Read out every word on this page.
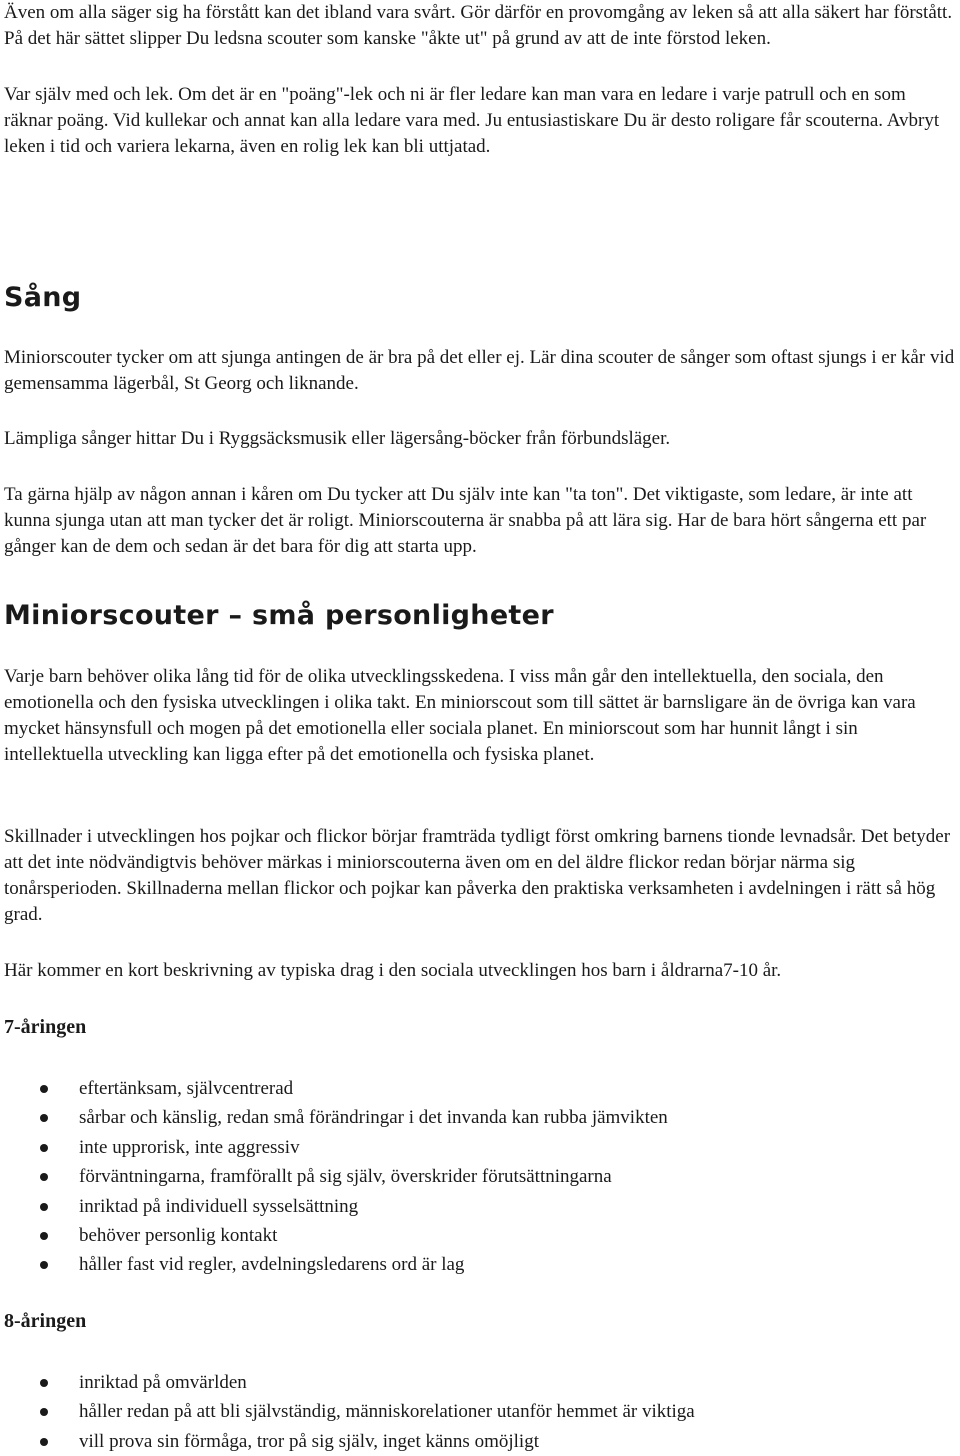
Även om alla säger sig ha förstått kan det ibland vara svårt. Gör därför en provomgång av leken så att alla säkert har förstått. På det här sättet slipper Du ledsna scouter som kanske "åkte ut" på grund av att de inte förstod leken.

Var själv med och lek. Om det är en "poäng"-lek och ni är fler ledare kan man vara en ledare i varje patrull och en som räknar poäng. Vid kullekar och annat kan alla ledare vara med. Ju entusiastiskare Du är desto roligare får scouterna. Avbryt leken i tid och variera lekarna, även en rolig lek kan bli uttjatad.

Sång

Miniorscouter tycker om att sjunga antingen de är bra på det eller ej. Lär dina scouter de sånger som oftast sjungs i er kår vid gemensamma lägerbål, St Georg och liknande.

Lämpliga sånger hittar Du i Ryggsäcksmusik eller lägersång-böcker från förbundsläger.

Ta gärna hjälp av någon annan i kåren om Du tycker att Du själv inte kan "ta ton". Det viktigaste, som ledare, är inte att kunna sjunga utan att man tycker det är roligt. Miniorscouterna är snabba på att lära sig. Har de bara hört sångerna ett par gånger kan de dem och sedan är det bara för dig att starta upp.

Miniorscouter – små personligheter

Varje barn behöver olika lång tid för de olika utvecklingsskedena. I viss mån går den intellektuella, den sociala, den emotionella och den fysiska utvecklingen i olika takt. En miniorscout som till sättet är barnsligare än de övriga kan vara mycket hänsynsfull och mogen på det emotionella eller sociala planet. En miniorscout som har hunnit långt i sin intellektuella utveckling kan ligga efter på det emotionella och fysiska planet.

Skillnader i utvecklingen hos pojkar och flickor börjar framträda tydligt först omkring barnens tionde levnadsår. Det betyder att det inte nödvändigtvis behöver märkas i miniorscouterna även om en del äldre flickor redan börjar närma sig tonårsperioden. Skillnaderna mellan flickor och pojkar kan påverka den praktiska verksamheten i avdelningen i rätt så hög grad.

Här kommer en kort beskrivning av typiska drag i den sociala utvecklingen hos barn i åldrarna7-10 år.

7-åringen
eftertänksam, självcentrerad
sårbar och känslig, redan små förändringar i det invanda kan rubba jämvikten
inte upprorisk, inte aggressiv
förväntningarna, framförallt på sig själv, överskrider förutsättningarna
inriktad på individuell sysselsättning
behöver personlig kontakt
håller fast vid regler, avdelningsledarens ord är lag
8-åringen
inriktad på omvärlden
håller redan på att bli självständig, människorelationer utanför hemmet är viktiga
vill prova sin förmåga, tror på sig själv, inget känns omöjligt
